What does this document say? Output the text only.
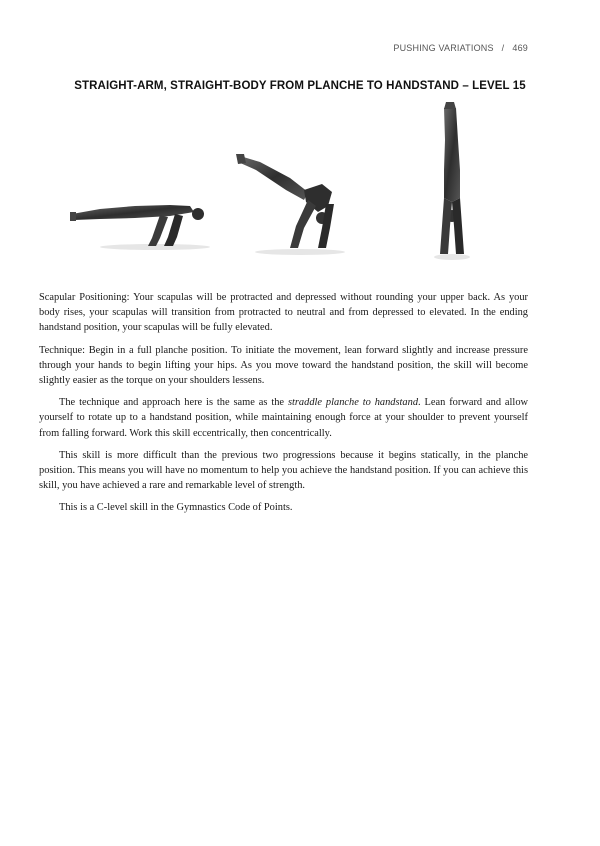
PUSHING VARIATIONS / 469
STRAIGHT-ARM, STRAIGHT-BODY FROM PLANCHE TO HANDSTAND – LEVEL 15

Scapular Positioning: Your scapulas will be protracted and depressed without rounding your upper back. As your body rises, your scapulas will transition from protracted to neutral and from depressed to elevated. In the ending handstand position, your scapulas will be fully elevated.

Technique: Begin in a full planche position. To initiate the movement, lean forward slightly and increase pressure through your hands to begin lifting your hips. As you move toward the handstand position, the skill will become slightly easier as the torque on your shoulders lessens.

The technique and approach here is the same as the straddle planche to handstand. Lean forward and allow yourself to rotate up to a handstand position, while maintaining enough force at your shoulder to prevent yourself from falling forward. Work this skill eccentrically, then concentrically.

This skill is more difficult than the previous two progressions because it begins statically, in the planche position. This means you will have no momentum to help you achieve the handstand position. If you can achieve this skill, you have achieved a rare and remarkable level of strength.

This is a C-level skill in the Gymnastics Code of Points.
